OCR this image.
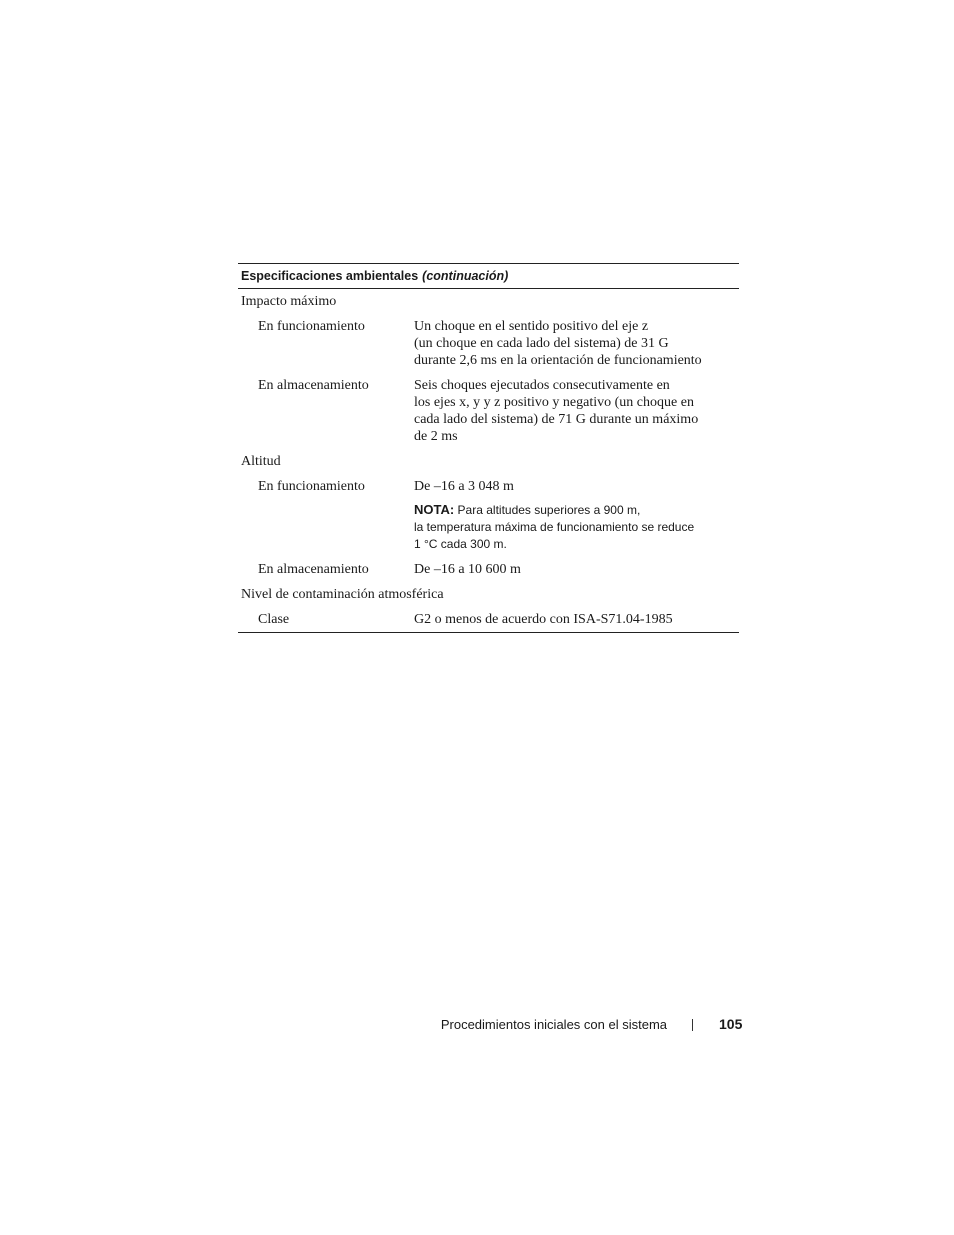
Especificaciones ambientales (continuación)
Impacto máximo
En funcionamiento	Un choque en el sentido positivo del eje z
(un choque en cada lado del sistema) de 31 G
durante 2,6 ms en la orientación de funcionamiento
En almacenamiento	Seis choques ejecutados consecutivamente en
los ejes x, y y z positivo y negativo (un choque en
cada lado del sistema) de 71 G durante un máximo
de 2 ms
Altitud
En funcionamiento	De –16 a 3 048 m
NOTA: Para altitudes superiores a 900 m,
la temperatura máxima de funcionamiento se reduce
1 °C cada 300 m.
En almacenamiento	De –16 a 10 600 m
Nivel de contaminación atmosférica
Clase	G2 o menos de acuerdo con ISA-S71.04-1985
Procedimientos iniciales con el sistema	105
